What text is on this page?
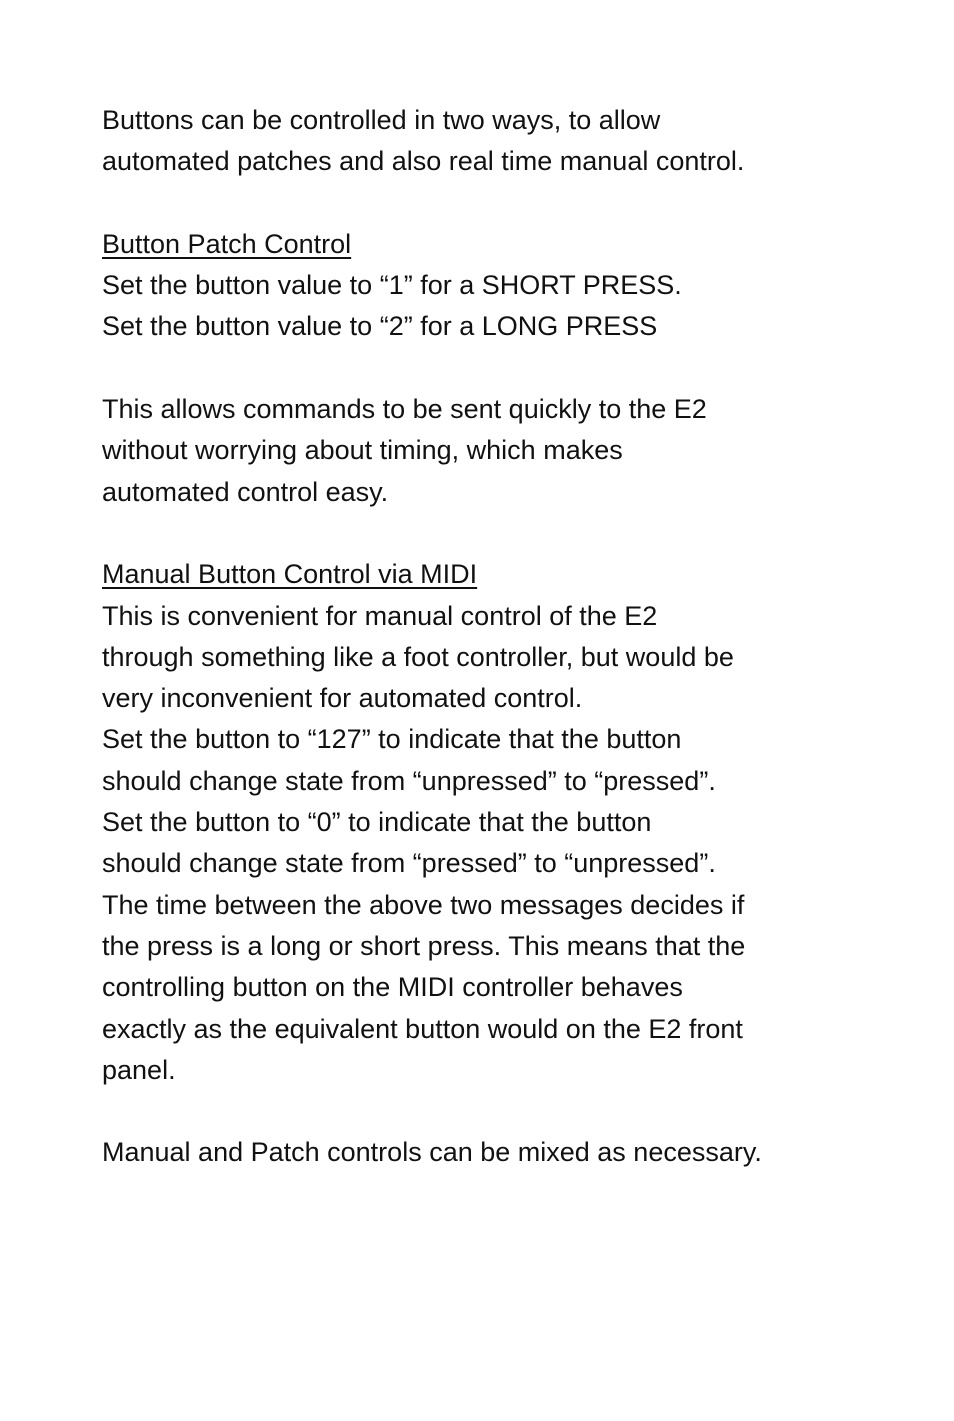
Buttons can be controlled in two ways, to allow
automated patches and also real time manual control.
Button Patch Control
Set the button value to “1” for a SHORT PRESS.
Set the button value to “2” for a LONG PRESS
This allows commands to be sent quickly to the E2
without worrying about timing, which makes
automated control easy.
Manual Button Control via MIDI
This is convenient for manual control of the E2
through something like a foot controller, but would be
very inconvenient for automated control.
Set the button to “127” to indicate that the button
should change state from “unpressed” to “pressed”.
Set the button to “0” to indicate that the button
should change state from “pressed” to “unpressed”.
The time between the above two messages decides if
the press is a long or short press. This means that the
controlling button on the MIDI controller behaves
exactly as the equivalent button would on the E2 front
panel.
Manual and Patch controls can be mixed as necessary.
